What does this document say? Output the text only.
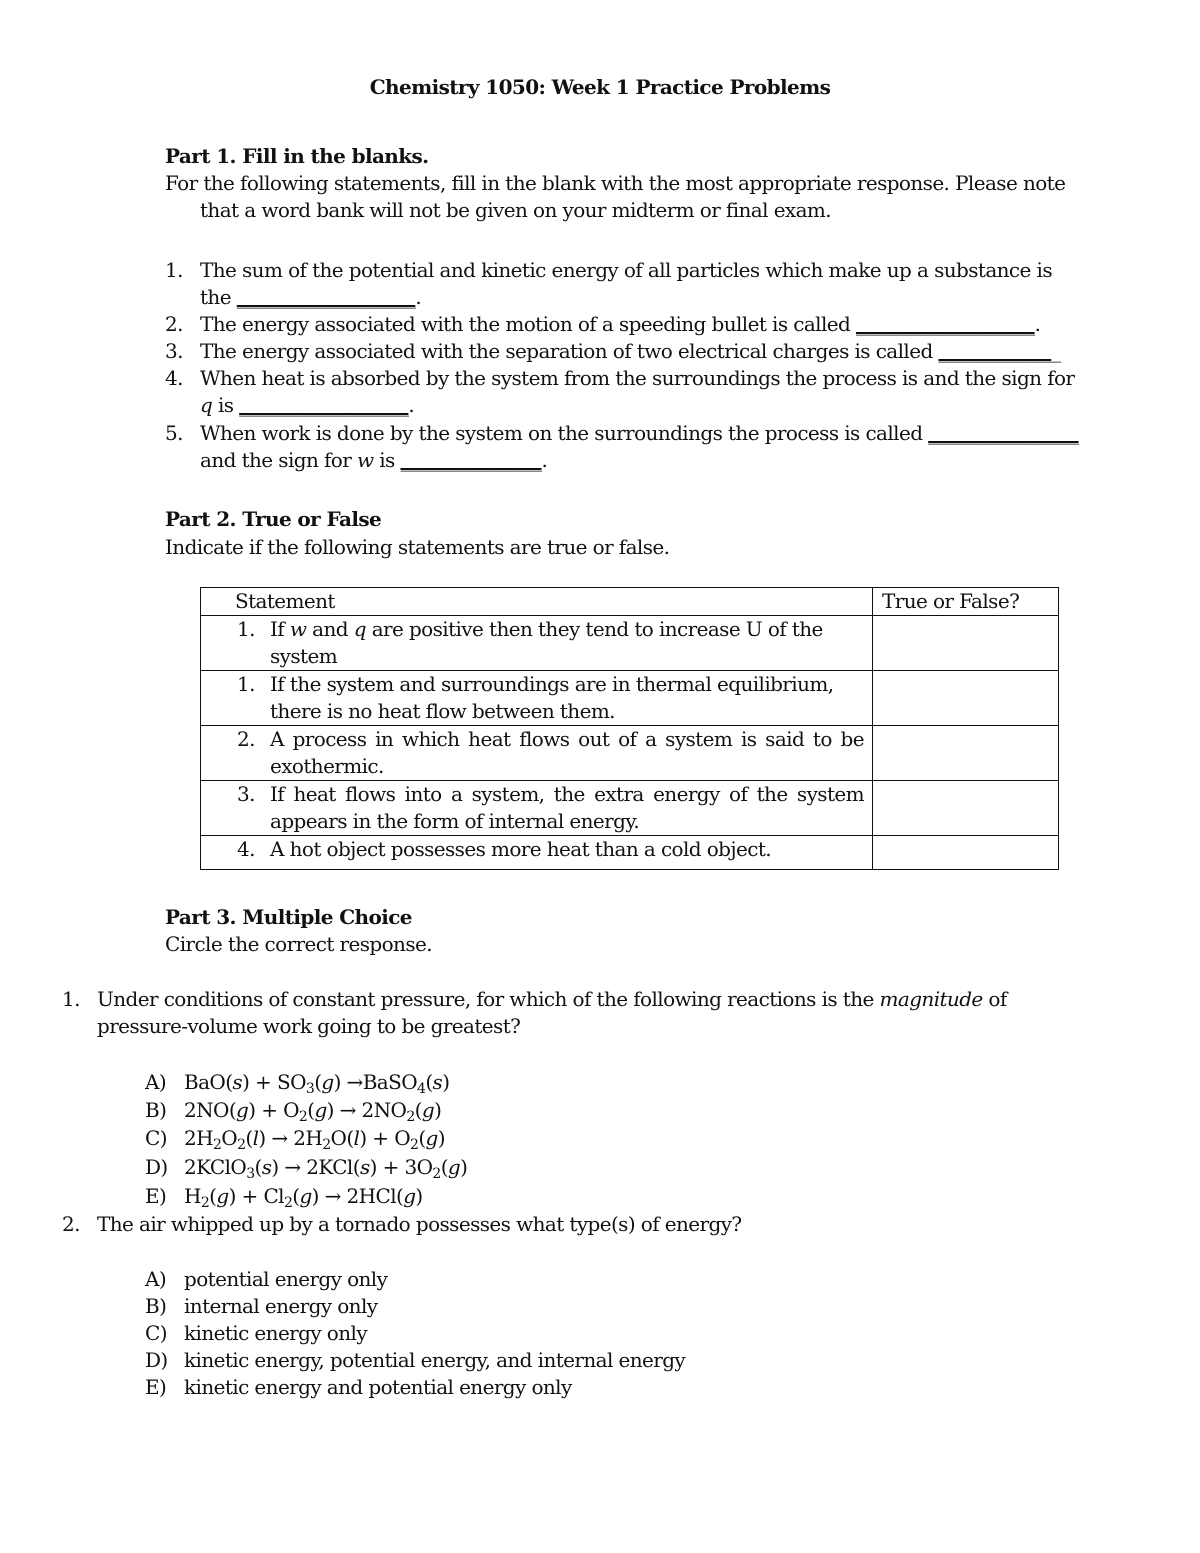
Chemistry 1050: Week 1 Practice Problems
Part 1. Fill in the blanks.
For the following statements, fill in the blank with the most appropriate response. Please note
that a word bank will not be given on your midterm or final exam.
1. The sum of the potential and kinetic energy of all particles which make up a substance is
the ___________________.
2. The energy associated with the motion of a speeding bullet is called ___________________.
3. The energy associated with the separation of two electrical charges is called _____________
4. When heat is absorbed by the system from the surroundings the process is and the sign for
q is __________________.
5. When work is done by the system on the surroundings the process is called ________________
and the sign for w is _______________.
Part 2. True or False
Indicate if the following statements are true or false.
Statement	True or False?

1. If w and q are positive then they tend to increase U of the system	

1. If the system and surroundings are in thermal equilibrium, there is no heat flow between them.	

2. A process in which heat flows out of a system is said to be exothermic.	

3. If heat flows into a system, the extra energy of the system appears in the form of internal energy.	

4. A hot object possesses more heat than a cold object.	
Part 3. Multiple Choice
Circle the correct response.
1. Under conditions of constant pressure, for which of the following reactions is the magnitude of
pressure-volume work going to be greatest?
A) $BaO(s) + SO_3(g)$ →BaSO$_4$(s)
B) $2NO(g) + O_2(g) \to 2NO_2(g)$
C) $2H_2O_2(l) \to 2H_2O(l) + O_2(g)$
D) 2KClO$_3$(s) → $2KCl(s) + 3O_2(g)$
E) $H_2(g) + Cl_2(g) \to 2HCl(g)$
2. The air whipped up by a tornado possesses what type(s) of energy?
A) potential energy only
B) internal energy only
C) kinetic energy only
D) kinetic energy, potential energy, and internal energy
E) kinetic energy and potential energy only
